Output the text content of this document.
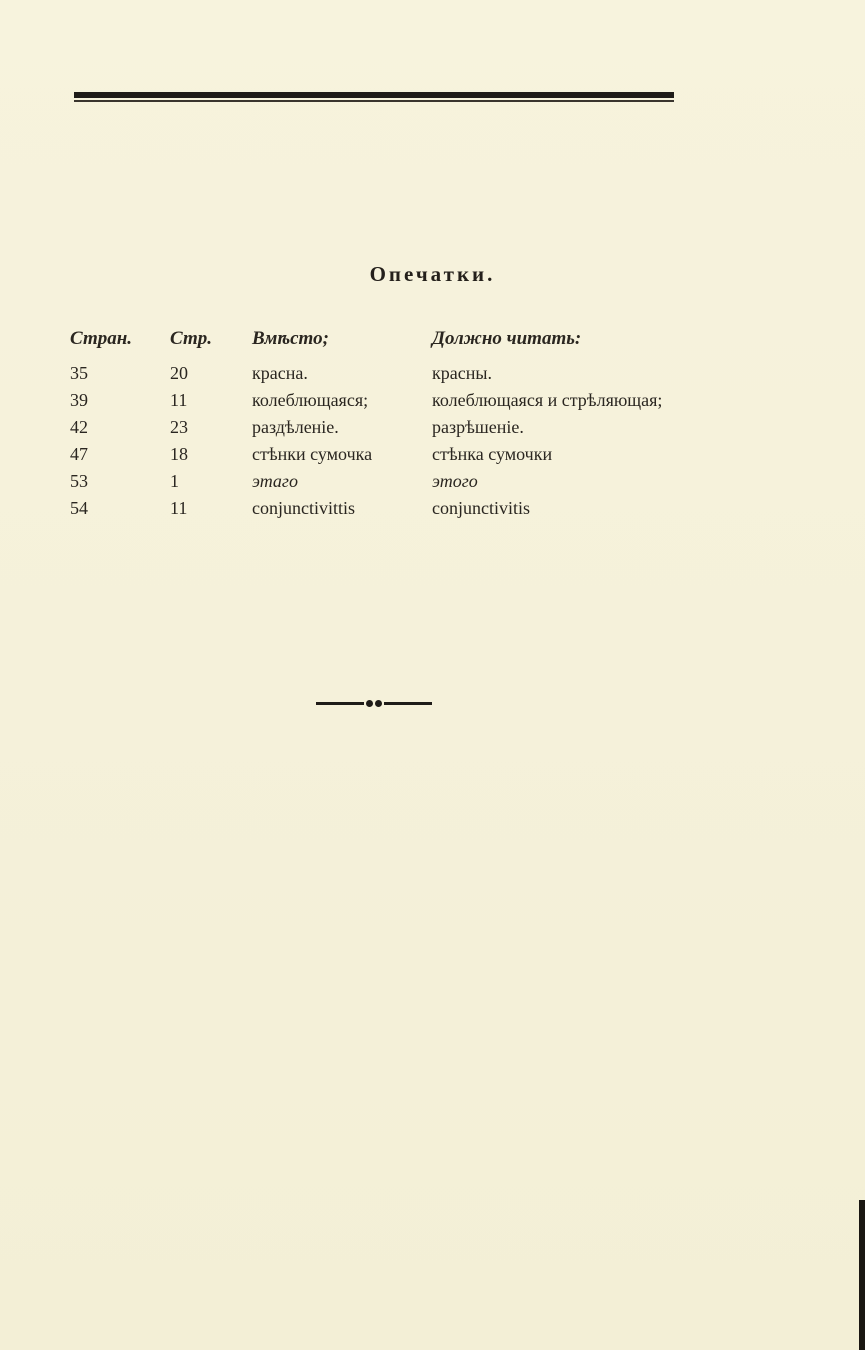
Опечатки.
Стран.	Стр.	Вмѣсто;	Должно читать:
35	20	красна.	красны.
39	11	колеблющаяся;	колеблющаяся и стрѣляющая;
42	23	раздѣленіе.	разрѣшеніе.
47	18	стѣнки сумочка	стѣнка сумочки
53	1	этаго	этого
54	11	conjunctivittis	conjunctivitis
